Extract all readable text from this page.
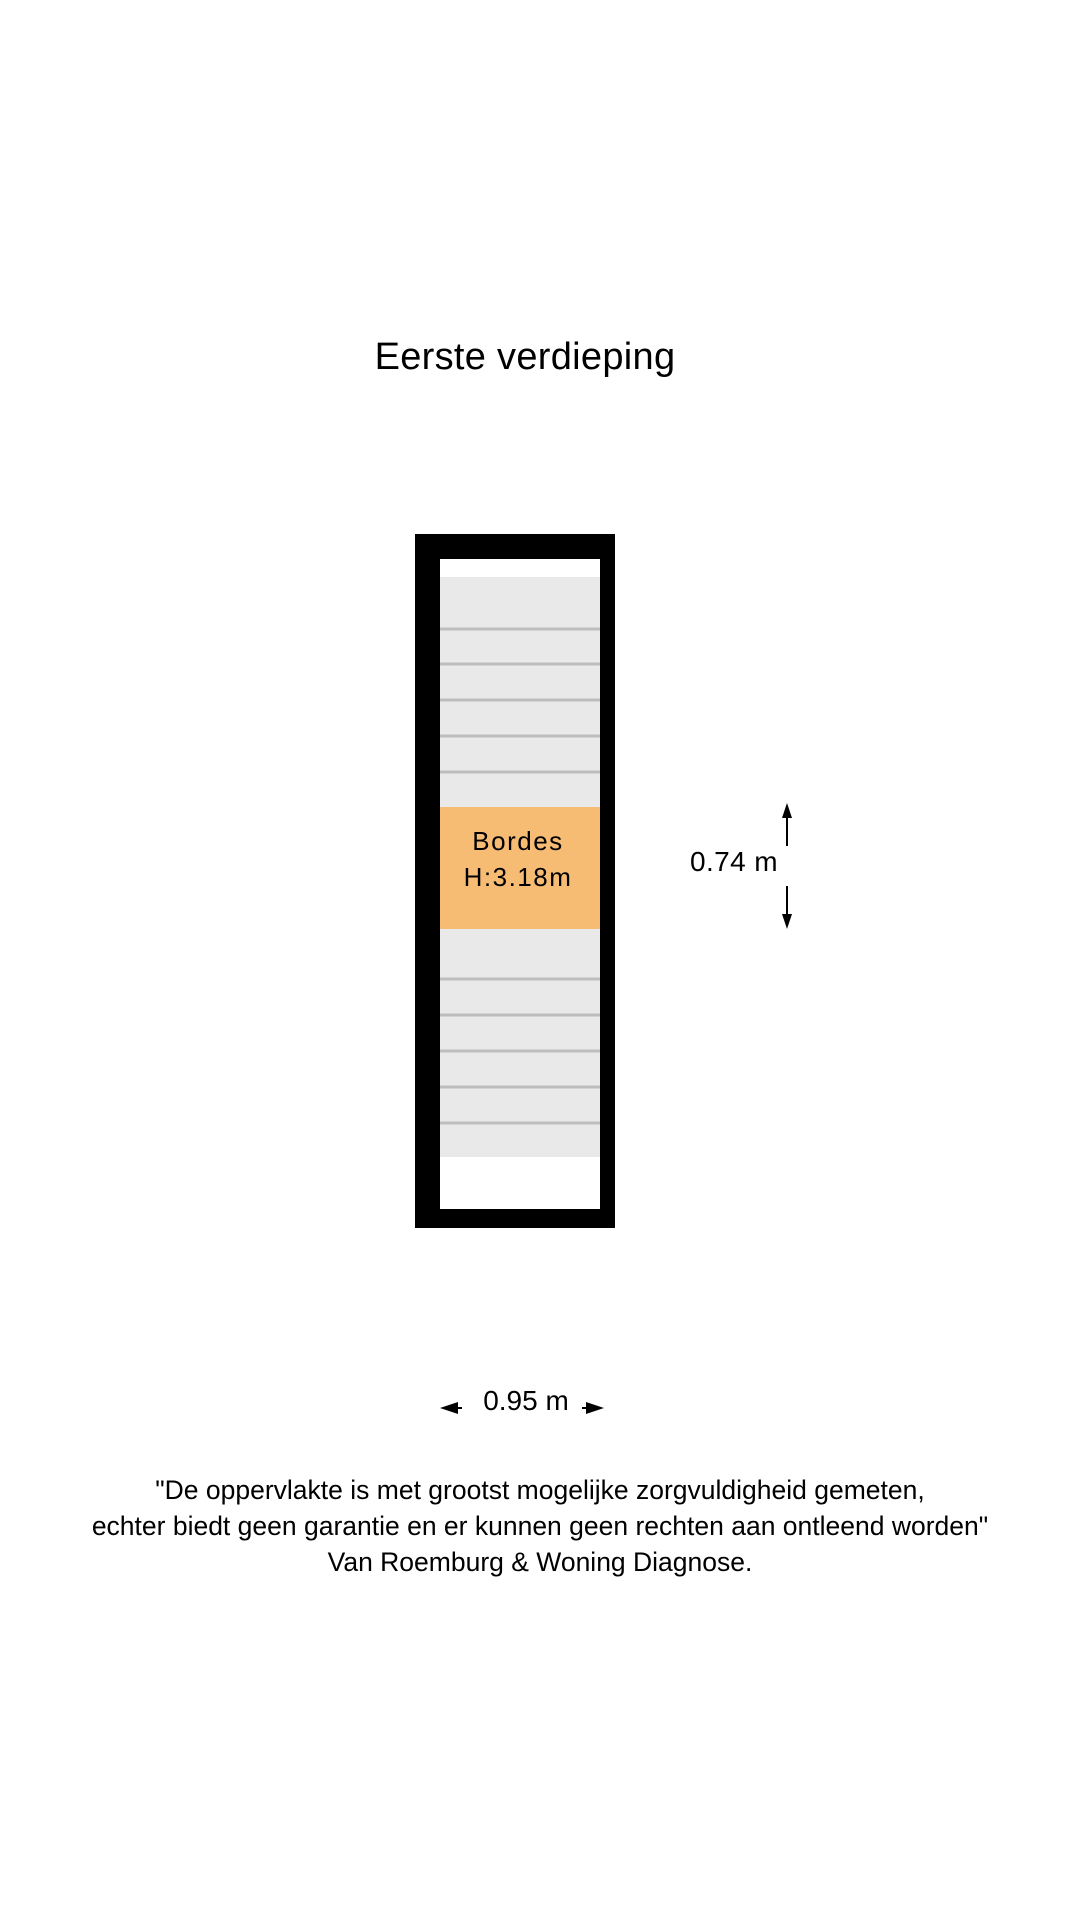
Eerste verdieping
Bordes
H:3.18m	0.74 m
0.95 m
"De oppervlakte is met grootst mogelijke zorgvuldigheid gemeten,
echter biedt geen garantie en er kunnen geen rechten aan ontleend worden"
Van Roemburg & Woning Diagnose.
